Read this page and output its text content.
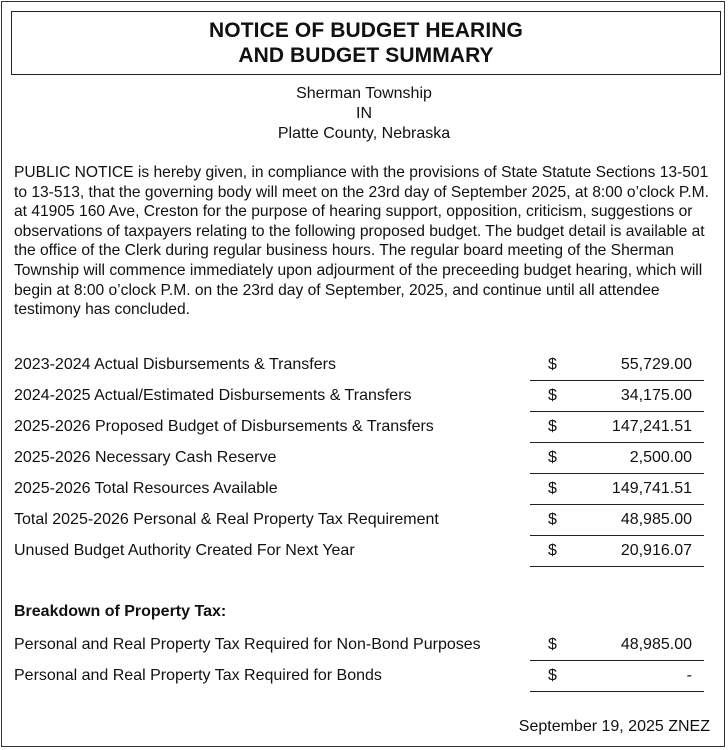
NOTICE OF BUDGET HEARING
AND BUDGET SUMMARY
Sherman Township
IN
Platte County, Nebraska
PUBLIC NOTICE is hereby given, in compliance with the provisions of State Statute Sections 13-501 to 13-513, that the governing body will meet on the 23rd day of September 2025, at 8:00 o’clock P.M. at 41905 160 Ave, Creston for the purpose of hearing support, opposition, criticism, suggestions or observations of taxpayers relating to the following proposed budget. The budget detail is available at the office of the Clerk during regular business hours. The regular board meeting of the Sherman Township will commence immediately upon adjourment of the preceeding budget hearing, which will begin at 8:00 o’clock P.M. on the 23rd day of September, 2025, and continue until all attendee testimony has concluded.
2023-2024 Actual Disbursements & Transfers	$	55,729.00
2024-2025 Actual/Estimated Disbursements & Transfers	$	34,175.00
2025-2026 Proposed Budget of Disbursements & Transfers	$	147,241.51
2025-2026 Necessary Cash Reserve	$	2,500.00
2025-2026 Total Resources Available	$	149,741.51
Total 2025-2026 Personal & Real Property Tax Requirement	$	48,985.00
Unused Budget Authority Created For Next Year	$	20,916.07
Breakdown of Property Tax:
Personal and Real Property Tax Required for Non-Bond Purposes	$	48,985.00
Personal and Real Property Tax Required for Bonds	$	-
September 19, 2025 ZNEZ
